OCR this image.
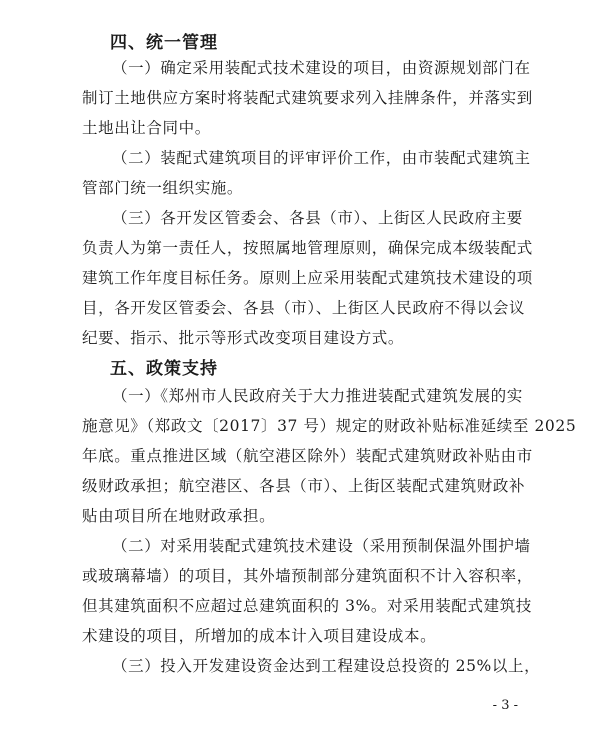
四、统一管理
（一）确定采用装配式技术建设的项目，由资源规划部门在
制订土地供应方案时将装配式建筑要求列入挂牌条件，并落实到
土地出让合同中。
（二）装配式建筑项目的评审评价工作，由市装配式建筑主
管部门统一组织实施。
（三）各开发区管委会、各县（市）、上街区人民政府主要
负责人为第一责任人，按照属地管理原则，确保完成本级装配式
建筑工作年度目标任务。原则上应采用装配式建筑技术建设的项
目，各开发区管委会、各县（市）、上街区人民政府不得以会议
纪要、指示、批示等形式改变项目建设方式。
五、政策支持
（一）《郑州市人民政府关于大力推进装配式建筑发展的实
施意见》（郑政文〔2017〕37 号）规定的财政补贴标准延续至 2025
年底。重点推进区域（航空港区除外）装配式建筑财政补贴由市
级财政承担；航空港区、各县（市）、上街区装配式建筑财政补
贴由项目所在地财政承担。
（二）对采用装配式建筑技术建设（采用预制保温外围护墙
或玻璃幕墙）的项目，其外墙预制部分建筑面积不计入容积率，
但其建筑面积不应超过总建筑面积的 3%。对采用装配式建筑技
术建设的项目，所增加的成本计入项目建设成本。
（三）投入开发建设资金达到工程建设总投资的 25%以上，
- 3 -
